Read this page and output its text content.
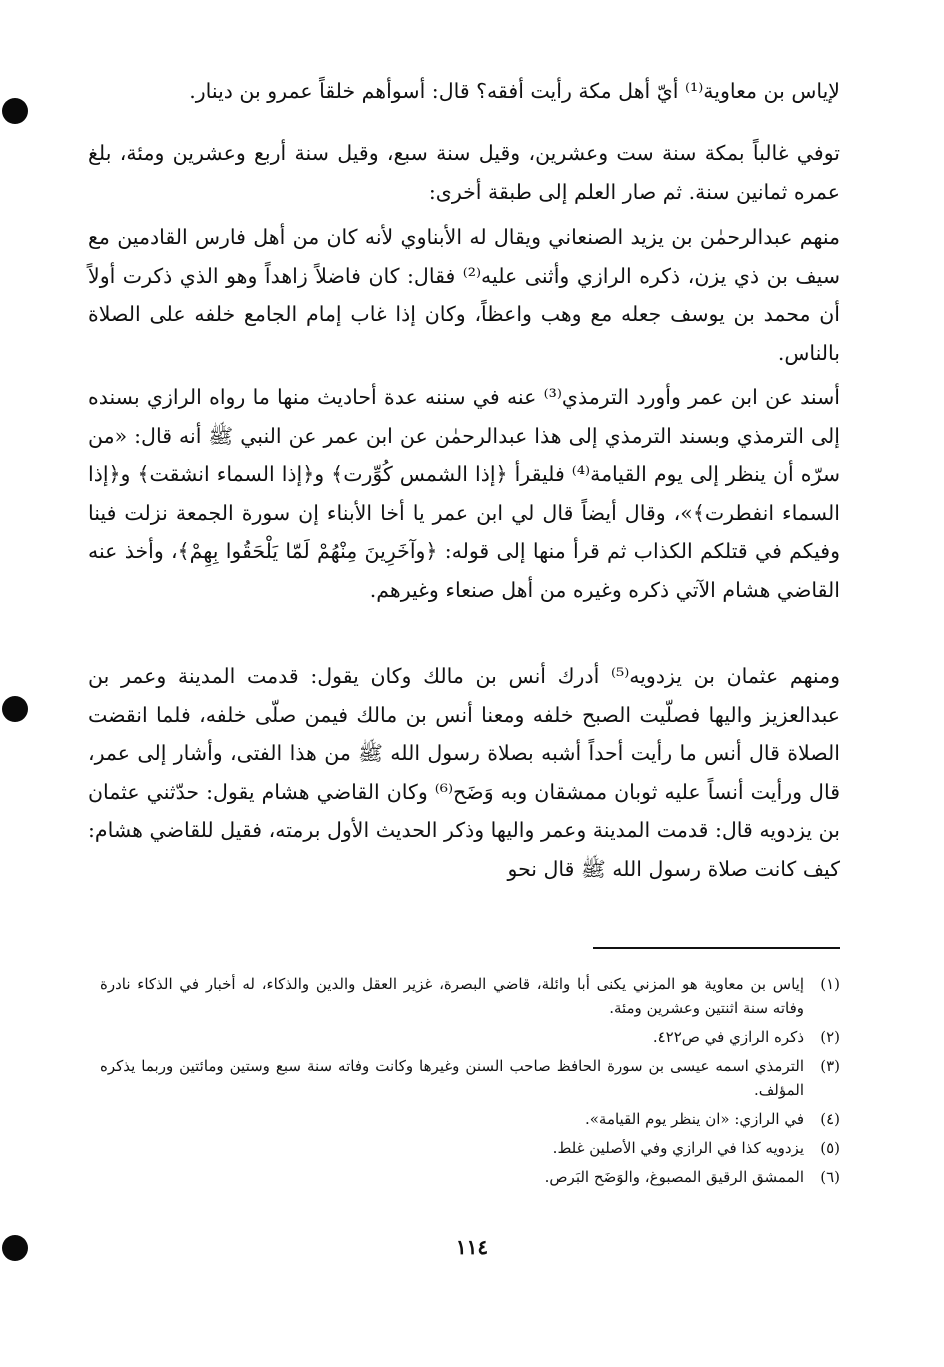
لإياس بن معاوية⁽¹⁾ أيّ أهل مكة رأيت أفقه؟ قال: أسوأهم خلقاً عمرو بن دينار.

توفي غالباً بمكة سنة ست وعشرين، وقيل سنة سبع، وقيل سنة أربع وعشرين ومئة، بلغ عمره ثمانين سنة. ثم صار العلم إلى طبقة أخرى:

منهم عبدالرحمٰن بن يزيد الصنعاني ويقال له الأبناوي لأنه كان من أهل فارس القادمين مع سيف بن ذي يزن، ذكره الرازي وأثنى عليه⁽²⁾ فقال: كان فاضلاً زاهداً وهو الذي ذكرت أولاً أن محمد بن يوسف جعله مع وهب واعظاً، وكان إذا غاب إمام الجامع خلفه على الصلاة بالناس.

أسند عن ابن عمر وأورد الترمذي⁽³⁾ عنه في سننه عدة أحاديث منها ما رواه الرازي بسنده إلى الترمذي وبسند الترمذي إلى هذا عبدالرحمٰن عن ابن عمر عن النبي ﷺ أنه قال: «من سرّه أن ينظر إلى يوم القيامة⁽⁴⁾ فليقرأ ﴿إذا الشمس كُوِّرت﴾ و﴿إذا السماء انشقت﴾ و﴿إذا السماء انفطرت﴾»، وقال أيضاً قال لي ابن عمر يا أخا الأبناء إن سورة الجمعة نزلت فينا وفيكم في قتلكم الكذاب ثم قرأ منها إلى قوله: ﴿وآخَرِينَ مِنْهُمْ لَمّا يَلْحَقُوا بِهِمْ﴾، وأخذ عنه القاضي هشام الآتي ذكره وغيره من أهل صنعاء وغيرهم.

ومنهم عثمان بن يزدويه⁽⁵⁾ أدرك أنس بن مالك وكان يقول: قدمت المدينة وعمر بن عبدالعزيز واليها فصلّيت الصبح خلفه ومعنا أنس بن مالك فيمن صلّى خلفه، فلما انقضت الصلاة قال أنس ما رأيت أحداً أشبه بصلاة رسول الله ﷺ من هذا الفتى، وأشار إلى عمر، قال ورأيت أنساً عليه ثوبان ممشقان وبه وَضَح⁽⁶⁾ وكان القاضي هشام يقول: حدّثني عثمان بن يزدويه قال: قدمت المدينة وعمر واليها وذكر الحديث الأول برمته، فقيل للقاضي هشام: كيف كانت صلاة رسول الله ﷺ قال نحو

(١)
إياس بن معاوية هو المزني يكنى أبا وائلة، قاضي البصرة، غزير العقل والدين والذكاء، له أخبار في الذكاء نادرة وفاته سنة اثنتين وعشرين ومئة.
(٢)
ذكره الرازي في ص٤٢٢.
(٣)
الترمذي اسمه عيسى بن سورة الحافظ صاحب السنن وغيرها وكانت وفاته سنة سبع وستين ومائتين وربما يذكره المؤلف.
(٤)
في الرازي: «ان ينظر يوم القيامة».
(٥)
يزدويه كذا في الرازي وفي الأصلين غلط.
(٦)
الممشق الرقيق المصبوغ، والوَضَح البَرص.
١١٤
